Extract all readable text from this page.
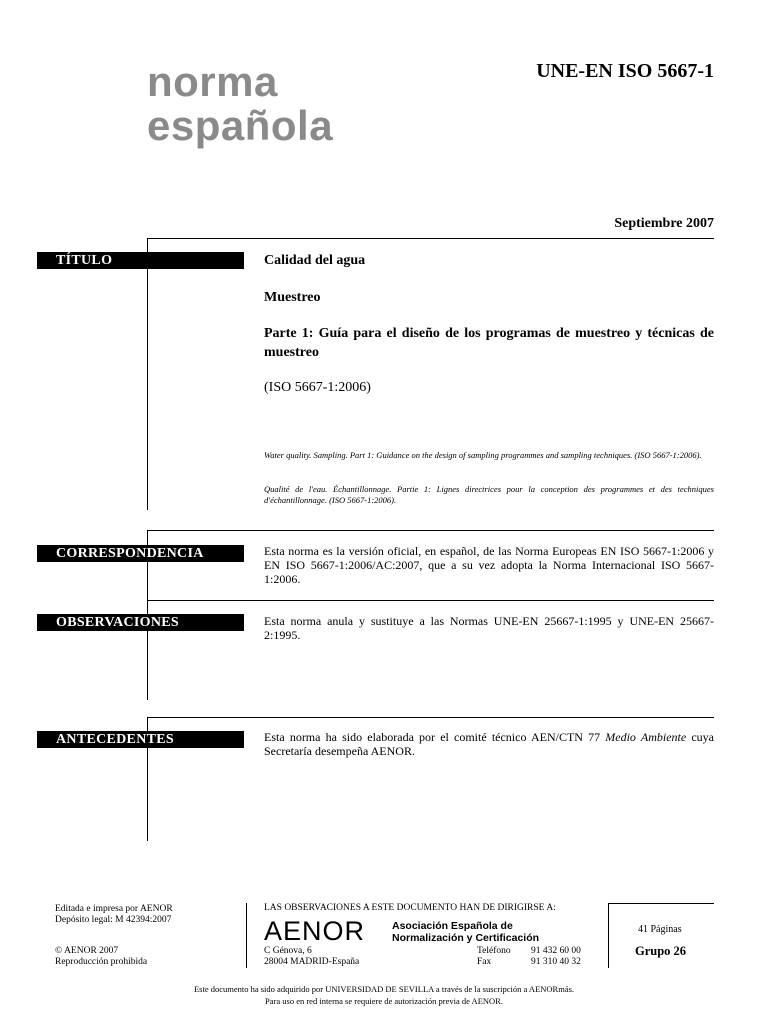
norma
española
UNE-EN ISO 5667-1
Septiembre 2007
TÍTULO	Calidad del agua
Muestreo
Parte 1: Guía para el diseño de los programas de muestreo y técnicas de muestreo
(ISO 5667-1:2006)
Water quality. Sampling. Part 1: Guidance on the design of sampling programmes and sampling techniques. (ISO 5667-1:2006).
Qualité de l'eau. Échantillonnage. Partie 1: Lignes directrices pour la conception des programmes et des techniques d'échantillonnage. (ISO 5667-1:2006).
CORRESPONDENCIA	Esta norma es la versión oficial, en español, de las Norma Europeas EN ISO 5667-1:2006 y EN ISO 5667-1:2006/AC:2007, que a su vez adopta la Norma Internacional ISO 5667-1:2006.
OBSERVACIONES	Esta norma anula y sustituye a las Normas UNE-EN 25667-1:1995 y UNE-EN 25667-2:1995.
ANTECEDENTES	Esta norma ha sido elaborada por el comité técnico AEN/CTN 77 Medio Ambiente cuya Secretaría desempeña AENOR.
Editada e impresa por AENOR
Depósito legal: M 42394:2007
© AENOR 2007
Reproducción prohibida
LAS OBSERVACIONES A ESTE DOCUMENTO HAN DE DIRIGIRSE A:
AENOR	Asociación Española de
Normalización y Certificación
C Génova, 6
28004 MADRID-España
Teléfono 91 432 60 00
Fax	91 310 40 32
41 Páginas
Grupo 26
Este documento ha sido adquirido por UNIVERSIDAD DE SEVILLA a través de la suscripción a AENORmás.
Para uso en red interna se requiere de autorización previa de AENOR.
